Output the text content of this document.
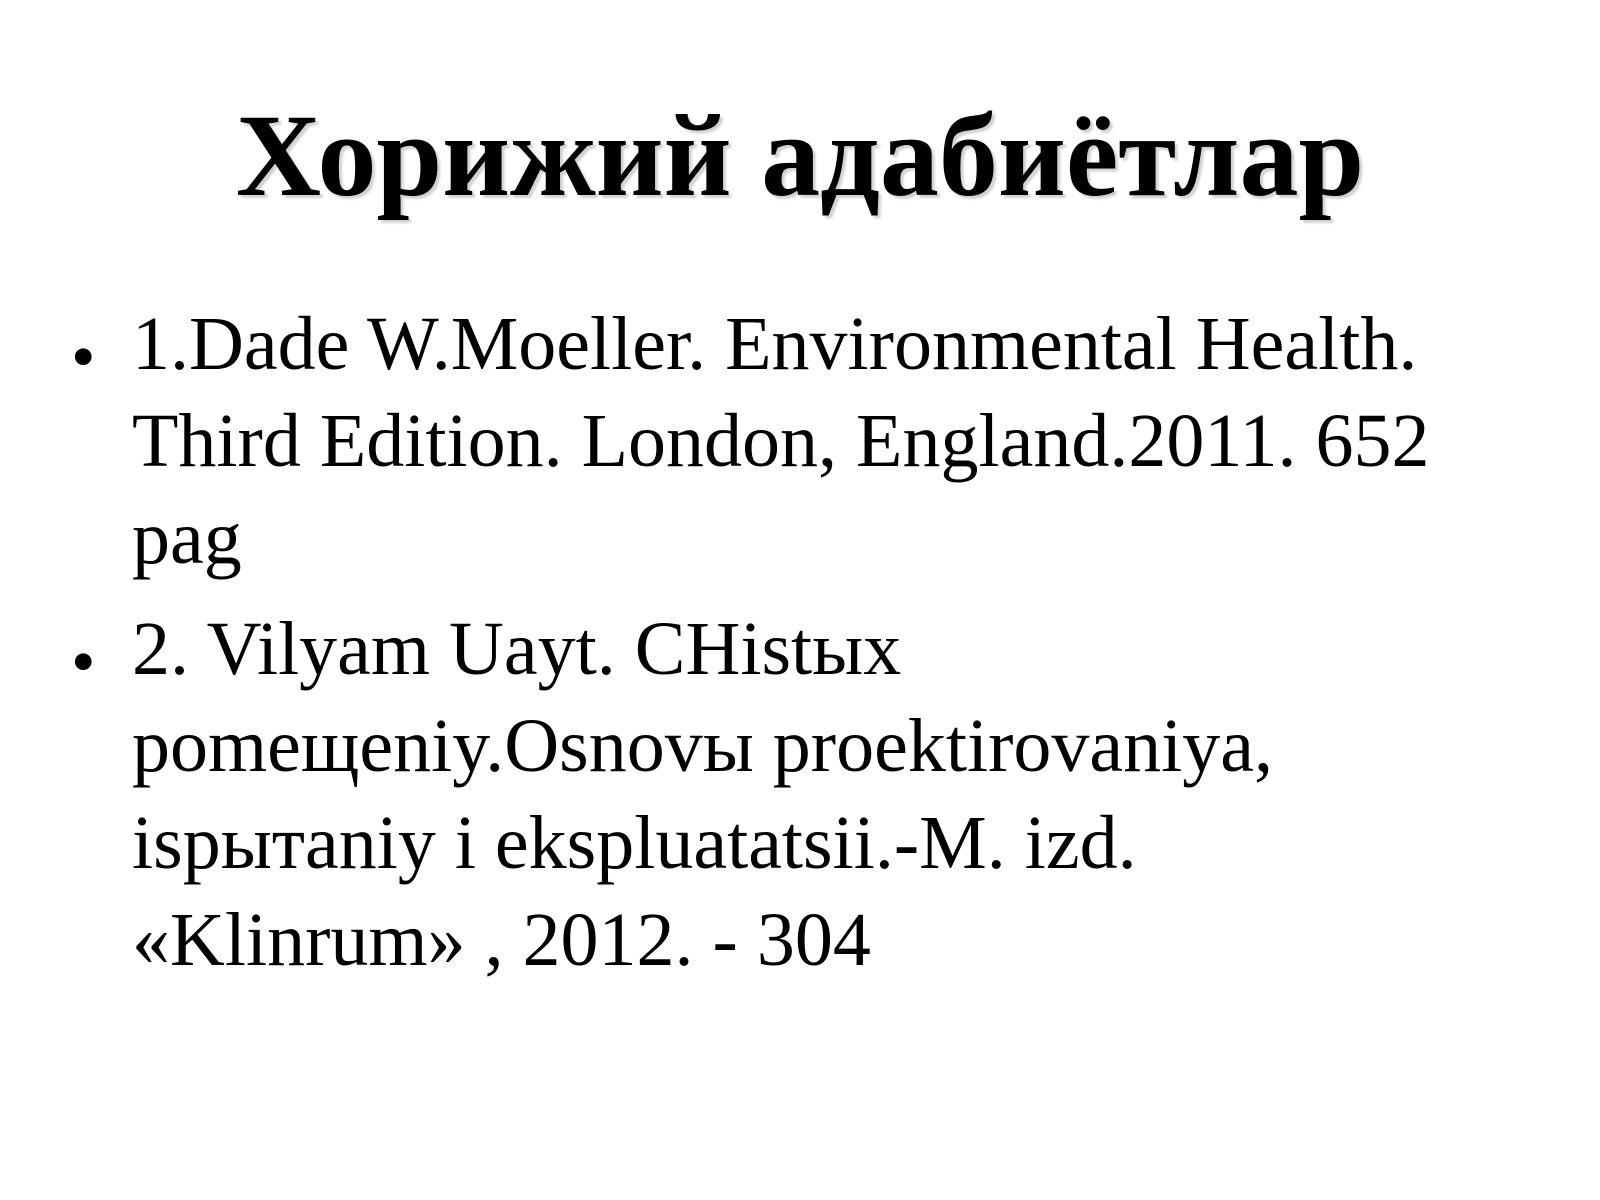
Хорижий адабиётлар
• 1.Dade W.Moeller. Environmental Health.
Third Edition. London, England.2011. 652
pag
• 2. Vilyam Uayt. CHistых
pomeщeniy.Osnovы proektirovaniya,
ispытaniy i ekspluatatsii.-M. izd.
«Klinrum» , 2012. - 304
